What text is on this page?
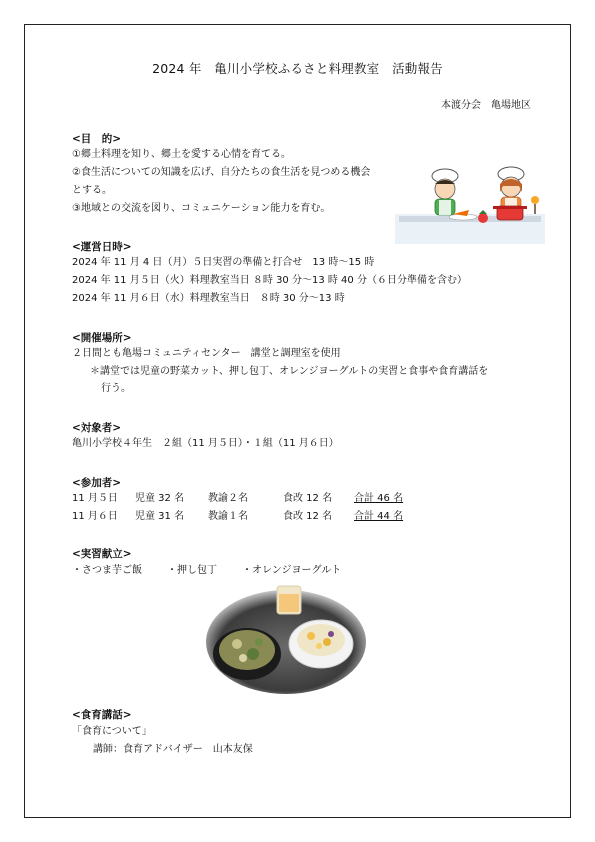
2024 年　亀川小学校ふるさと料理教室　活動報告
本渡分会　亀場地区
<目　的>
①郷土料理を知り、郷土を愛する心情を育てる。
②食生活についての知識を広げ、自分たちの食生活を見つめる機会
とする。
③地域との交流を図り、コミュニケーション能力を育む。
<運営日時>
2024 年 11 月 4 日（月）５日実習の準備と打合せ　13 時～15 時
2024 年 11 月５日（火）料理教室当日 ８時 30 分～13 時 40 分（６日分準備を含む）
2024 年 11 月６日（水）料理教室当日　８時 30 分～13 時
<開催場所>
２日間とも亀場コミュニティセンター　講堂と調理室を使用
＊講堂では児童の野菜カット、押し包丁、オレンジヨーグルトの実習と食事や食育講話を
行う。
<対象者>
亀川小学校４年生　２組（11 月５日）・１組（11 月６日）
<参加者>
11 月５日 児童 32 名 教諭２名	食改 12 名 合計 46 名
11 月６日 児童 31 名 教諭１名	食改 12 名 合計 44 名
<実習献立>
・さつま芋ご飯	・押し包丁	・オレンジヨーグルト
<食育講話>
「食育について」
講師：食育アドバイザー　山本友保
